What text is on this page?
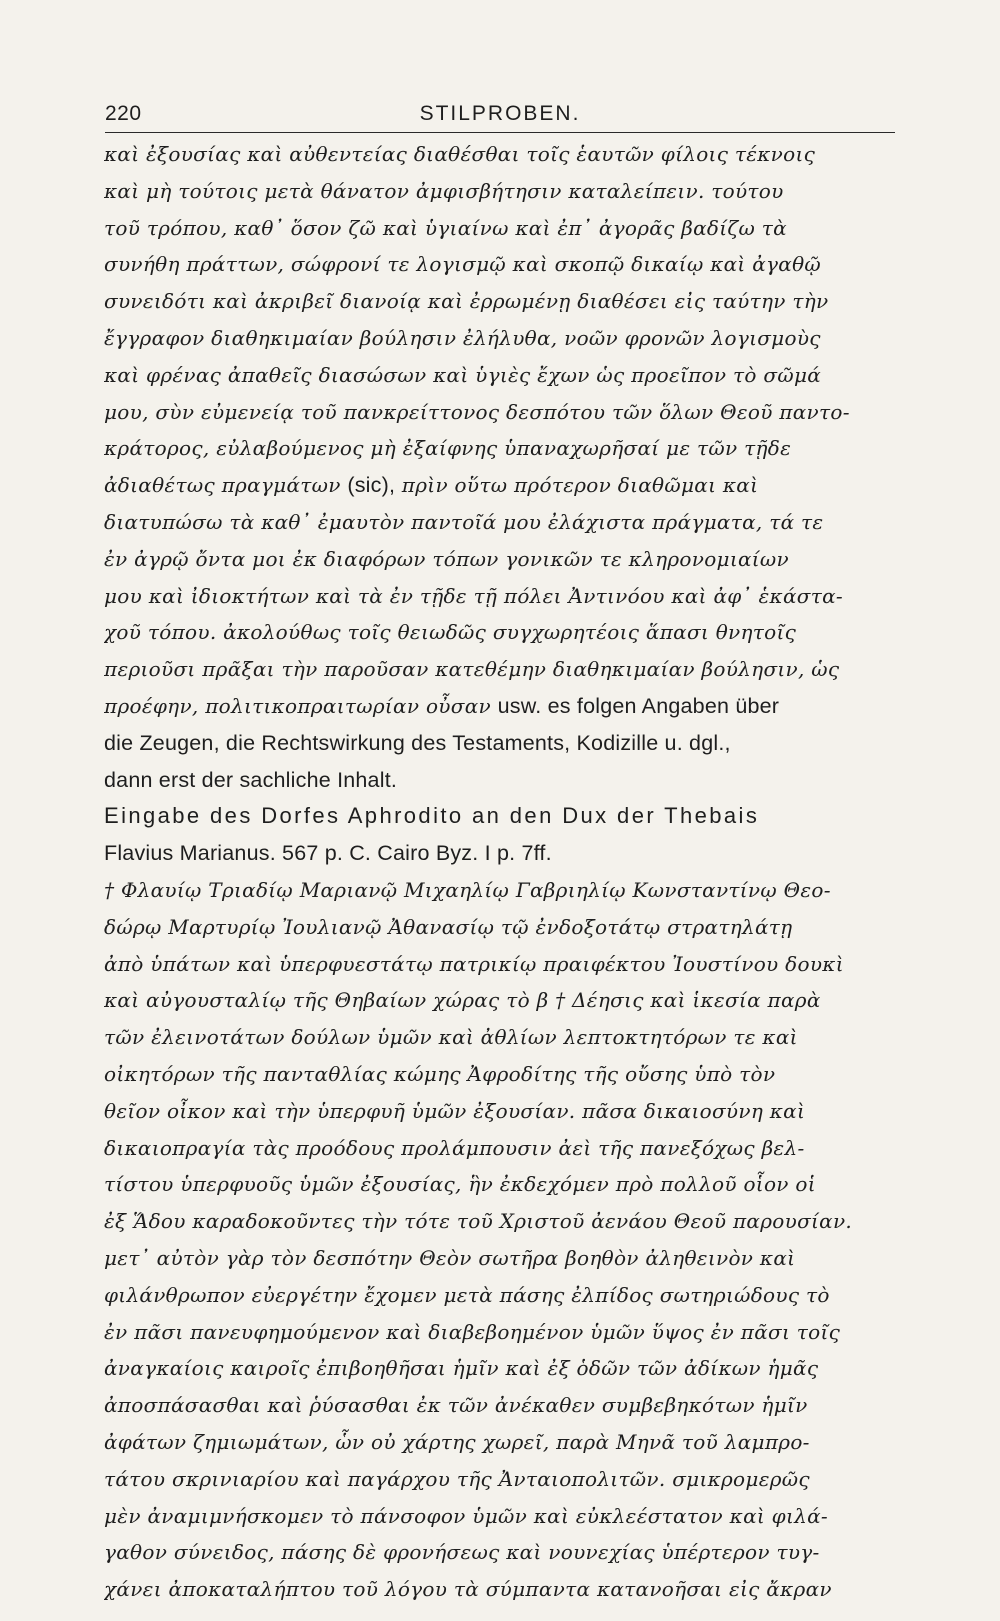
220	STILPROBEN.
καὶ ἐξουσίας καὶ αὐθεντείας διαθέσθαι τοῖς ἑαυτῶν φίλοις τέκνοις
καὶ μὴ τούτοις μετὰ θάνατον ἀμφισβήτησιν καταλείπειν. τούτου
τοῦ τρόπου, καθ᾽ ὅσον ζῶ καὶ ὑγιαίνω καὶ ἐπ᾽ ἀγορᾶς βαδίζω τὰ
συνήθη πράττων, σώφρονί τε λογισμῷ καὶ σκοπῷ δικαίῳ καὶ ἀγαθῷ
συνειδότι καὶ ἀκριβεῖ διανοίᾳ καὶ ἐρρωμένῃ διαθέσει εἰς ταύτην τὴν
ἔγγραφον διαθηκιμαίαν βούλησιν ἐλήλυθα, νοῶν φρονῶν λογισμοὺς
καὶ φρένας ἀπαθεῖς διασώσων καὶ ὑγιὲς ἔχων ὡς προεῖπον τὸ σῶμά
μου, σὺν εὐμενείᾳ τοῦ πανκρείττονος δεσπότου τῶν ὅλων Θεοῦ παντο-
κράτορος, εὐλαβούμενος μὴ ἐξαίφνης ὑπαναχωρῆσαί με τῶν τῇδε
ἀδιαθέτως πραγμάτων (sic), πρὶν οὕτω πρότερον διαθῶμαι καὶ
διατυπώσω τὰ καθ᾽ ἐμαυτὸν παντοῖά μου ἐλάχιστα πράγματα, τά τε
ἐν ἀγρῷ ὄντα μοι ἐκ διαφόρων τόπων γονικῶν τε κληρονομιαίων
μου καὶ ἰδιοκτήτων καὶ τὰ ἐν τῇδε τῇ πόλει Ἀντινόου καὶ ἀφ᾽ ἑκάστα-
χοῦ τόπου. ἀκολούθως τοῖς θειωδῶς συγχωρητέοις ἅπασι θνητοῖς
περιοῦσι πρᾶξαι τὴν παροῦσαν κατεθέμην διαθηκιμαίαν βούλησιν, ὡς
προέφην, πολιτικοπραιτωρίαν οὖσαν usw. es folgen Angaben über
die Zeugen, die Rechtswirkung des Testaments, Kodizille u. dgl.,
dann erst der sachliche Inhalt.
Eingabe des Dorfes Aphrodito an den Dux der Thebais
Flavius Marianus. 567 p. C. Cairo Byz. I p. 7ff.
† Φλαυίῳ Τριαδίῳ Μαριανῷ Μιχαηλίῳ Γαβριηλίῳ Κωνσταντίνῳ Θεο-
δώρῳ Μαρτυρίῳ Ἰουλιανῷ Ἀθανασίῳ τῷ ἐνδοξοτάτῳ στρατηλάτῃ
ἀπὸ ὑπάτων καὶ ὑπερφυεστάτῳ πατρικίῳ πραιφέκτου Ἰουστίνου δουκὶ
καὶ αὐγουσταλίῳ τῆς Θηβαίων χώρας τὸ β † Δέησις καὶ ἱκεσία παρὰ
τῶν ἐλεινοτάτων δούλων ὑμῶν καὶ ἀθλίων λεπτοκτητόρων τε καὶ
οἰκητόρων τῆς πανταθλίας κώμης Ἀφροδίτης τῆς οὔσης ὑπὸ τὸν
θεῖον οἶκον καὶ τὴν ὑπερφυῆ ὑμῶν ἐξουσίαν. πᾶσα δικαιοσύνη καὶ
δικαιοπραγία τὰς προόδους προλάμπουσιν ἀεὶ τῆς πανεξόχως βελ-
τίστου ὑπερφυοῦς ὑμῶν ἐξουσίας, ἣν ἐκδεχόμεν πρὸ πολλοῦ οἷον οἱ
ἐξ Ἅδου καραδοκοῦντες τὴν τότε τοῦ Χριστοῦ ἀενάου Θεοῦ παρουσίαν.
μετ᾽ αὐτὸν γὰρ τὸν δεσπότην Θεὸν σωτῆρα βοηθὸν ἀληθεινὸν καὶ
φιλάνθρωπον εὐεργέτην ἔχομεν μετὰ πάσης ἐλπίδος σωτηριώδους τὸ
ἐν πᾶσι πανευφημούμενον καὶ διαβεβοημένον ὑμῶν ὕψος ἐν πᾶσι τοῖς
ἀναγκαίοις καιροῖς ἐπιβοηθῆσαι ἡμῖν καὶ ἐξ ὁδῶν τῶν ἀδίκων ἡμᾶς
ἀποσπάσασθαι καὶ ῥύσασθαι ἐκ τῶν ἀνέκαθεν συμβεβηκότων ἡμῖν
ἀφάτων ζημιωμάτων, ὧν οὐ χάρτης χωρεῖ, παρὰ Μηνᾶ τοῦ λαμπρο-
τάτου σκρινιαρίου καὶ παγάρχου τῆς Ἀνταιοπολιτῶν. σμικρομερῶς
μὲν ἀναμιμνήσκομεν τὸ πάνσοφον ὑμῶν καὶ εὐκλεέστατον καὶ φιλά-
γαθον σύνειδος, πάσης δὲ φρονήσεως καὶ νουνεχίας ὑπέρτερον τυγ-
χάνει ἀποκαταλήπτου τοῦ λόγου τὰ σύμπαντα κατανοῆσαι εἰς ἄκραν
